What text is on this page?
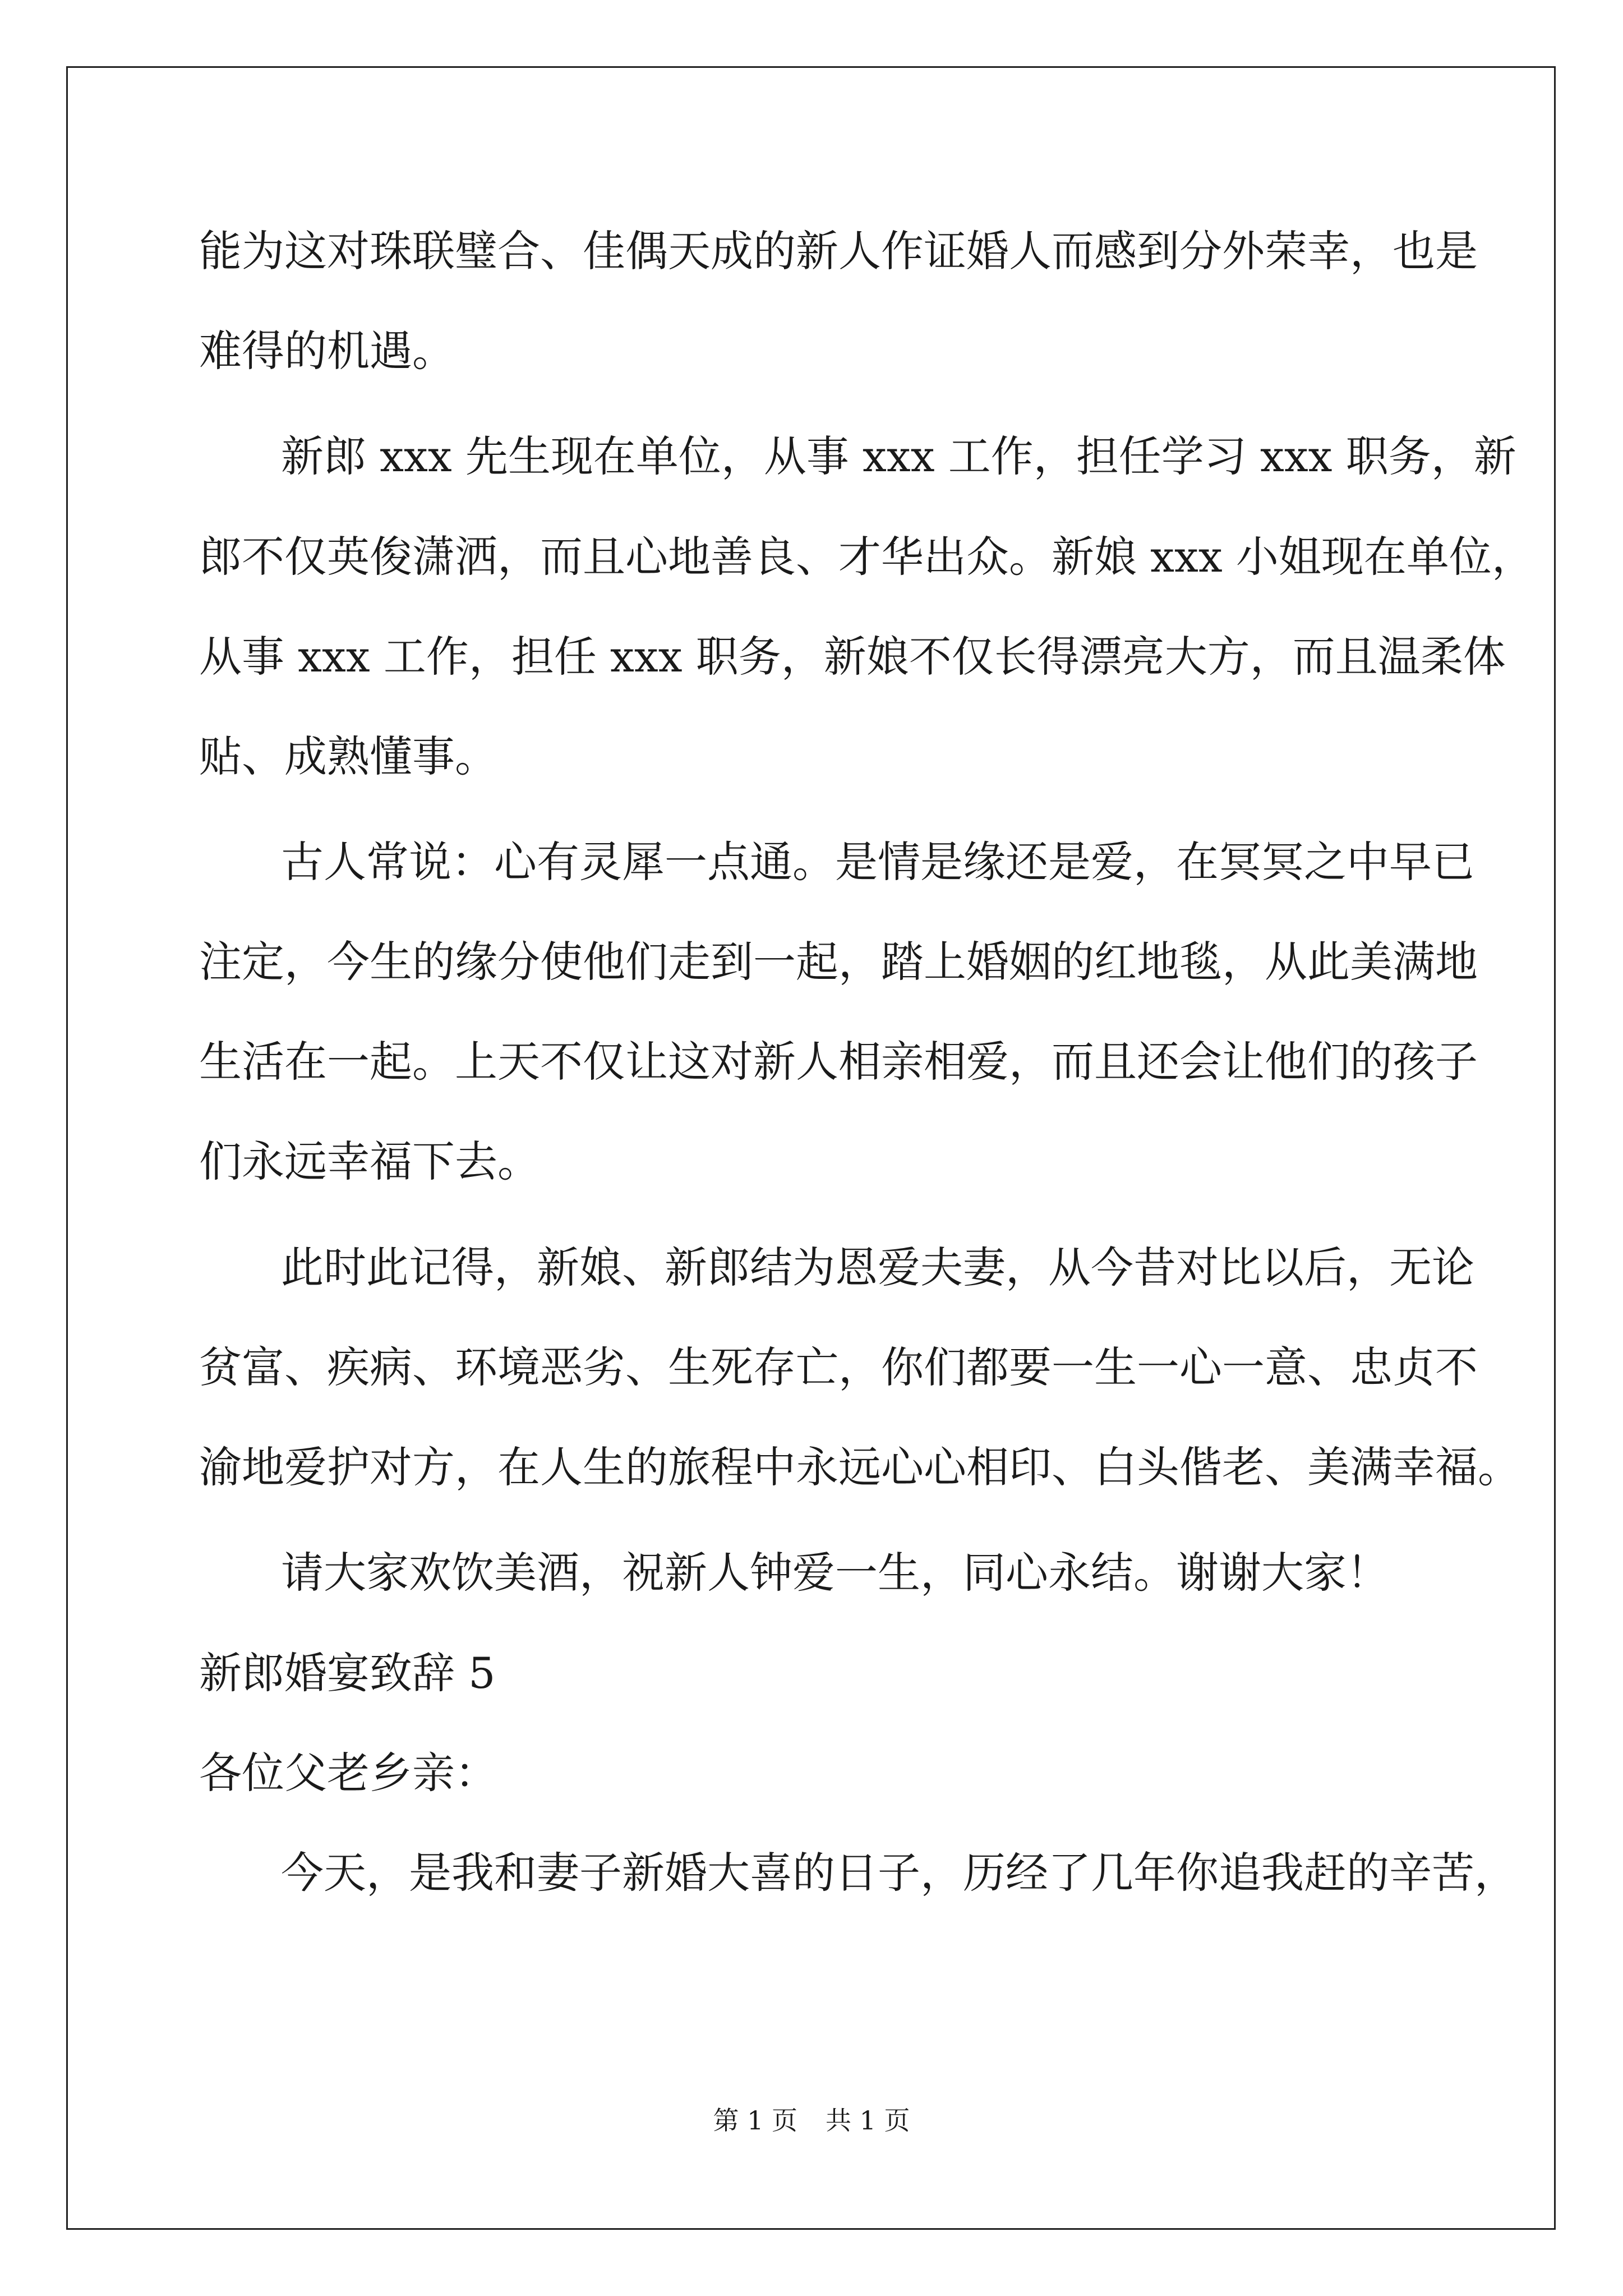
能为这对珠联璧合、佳偶天成的新人作证婚人而感到分外荣幸，也是
难得的机遇。
新郎 xxx 先生现在单位，从事 xxx 工作，担任学习 xxx 职务，新
郎不仅英俊潇洒，而且心地善良、才华出众。新娘 xxx 小姐现在单位，
从事 xxx 工作，担任 xxx 职务，新娘不仅长得漂亮大方，而且温柔体
贴、成熟懂事。
古人常说：心有灵犀一点通。是情是缘还是爱，在冥冥之中早已
注定，今生的缘分使他们走到一起，踏上婚姻的红地毯，从此美满地
生活在一起。上天不仅让这对新人相亲相爱，而且还会让他们的孩子
们永远幸福下去。
此时此记得，新娘、新郎结为恩爱夫妻，从今昔对比以后，无论
贫富、疾病、环境恶劣、生死存亡，你们都要一生一心一意、忠贞不
渝地爱护对方，在人生的旅程中永远心心相印、白头偕老、美满幸福。
请大家欢饮美酒，祝新人钟爱一生，同心永结。谢谢大家！
新郎婚宴致辞 5
各位父老乡亲：
今天，是我和妻子新婚大喜的日子，历经了几年你追我赶的辛苦，
第 1 页 共 1 页
